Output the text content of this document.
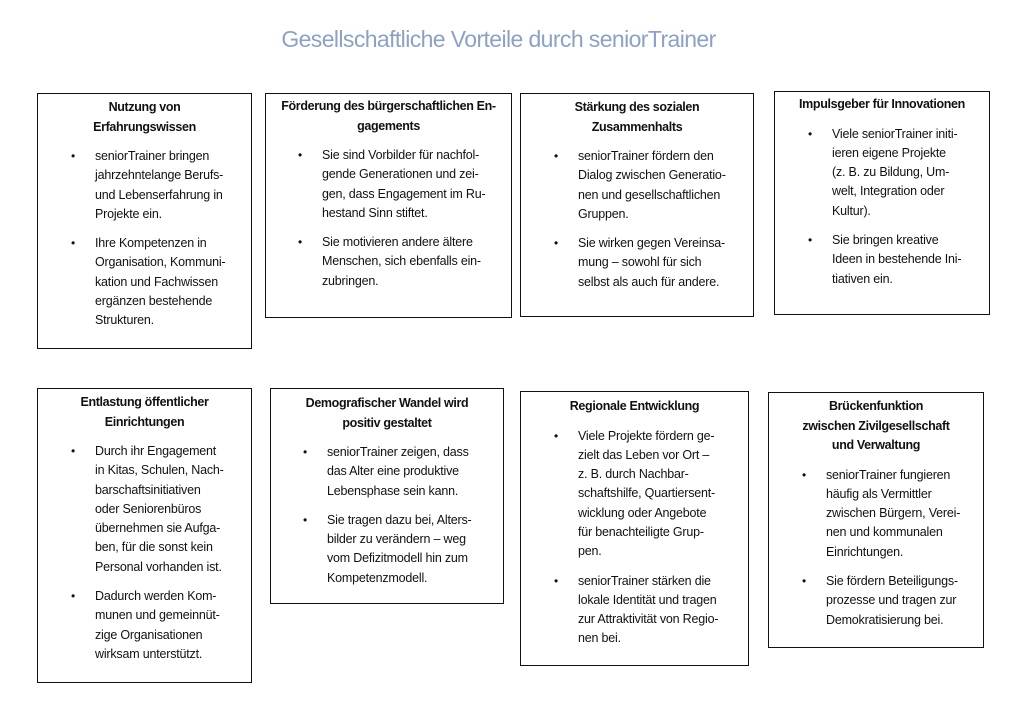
Gesellschaftliche Vorteile durch seniorTrainer
Nutzung von
Erfahrungswissen
• seniorTrainer bringen
jahrzehntelange Berufs-
und Lebenserfahrung in
Projekte ein.
• Ihre Kompetenzen in
Organisation, Kommuni-
kation und Fachwissen
ergänzen bestehende
Strukturen.
Förderung des bürgerschaftlichen En-
gagements
• Sie sind Vorbilder für nachfol-
gende Generationen und zei-
gen, dass Engagement im Ru-
hestand Sinn stiftet.
• Sie motivieren andere ältere
Menschen, sich ebenfalls ein-
zubringen.
Stärkung des sozialen
Zusammenhalts
• seniorTrainer fördern den
Dialog zwischen Generatio-
nen und gesellschaftlichen
Gruppen.
• Sie wirken gegen Vereinsa-
mung – sowohl für sich
selbst als auch für andere.
Impulsgeber für Innovationen
• Viele seniorTrainer initi-
ieren eigene Projekte
(z. B. zu Bildung, Um-
welt, Integration oder
Kultur).
• Sie bringen kreative
Ideen in bestehende Ini-
tiativen ein.
Entlastung öffentlicher
Einrichtungen
• Durch ihr Engagement
in Kitas, Schulen, Nach-
barschaftsinitiativen
oder Seniorenbüros
übernehmen sie Aufga-
ben, für die sonst kein
Personal vorhanden ist.
• Dadurch werden Kom-
munen und gemeinnüt-
zige Organisationen
wirksam unterstützt.
Demografischer Wandel wird
positiv gestaltet
• seniorTrainer zeigen, dass
das Alter eine produktive
Lebensphase sein kann.
• Sie tragen dazu bei, Alters-
bilder zu verändern – weg
vom Defizitmodell hin zum
Kompetenzmodell.
Regionale Entwicklung
• Viele Projekte fördern ge-
zielt das Leben vor Ort –
z. B. durch Nachbar-
schaftshilfe, Quartiersent-
wicklung oder Angebote
für benachteiligte Grup-
pen.
• seniorTrainer stärken die
lokale Identität und tragen
zur Attraktivität von Regio-
nen bei.
Brückenfunktion
zwischen Zivilgesellschaft
und Verwaltung
• seniorTrainer fungieren
häufig als Vermittler
zwischen Bürgern, Verei-
nen und kommunalen
Einrichtungen.
• Sie fördern Beteiligungs-
prozesse und tragen zur
Demokratisierung bei.
